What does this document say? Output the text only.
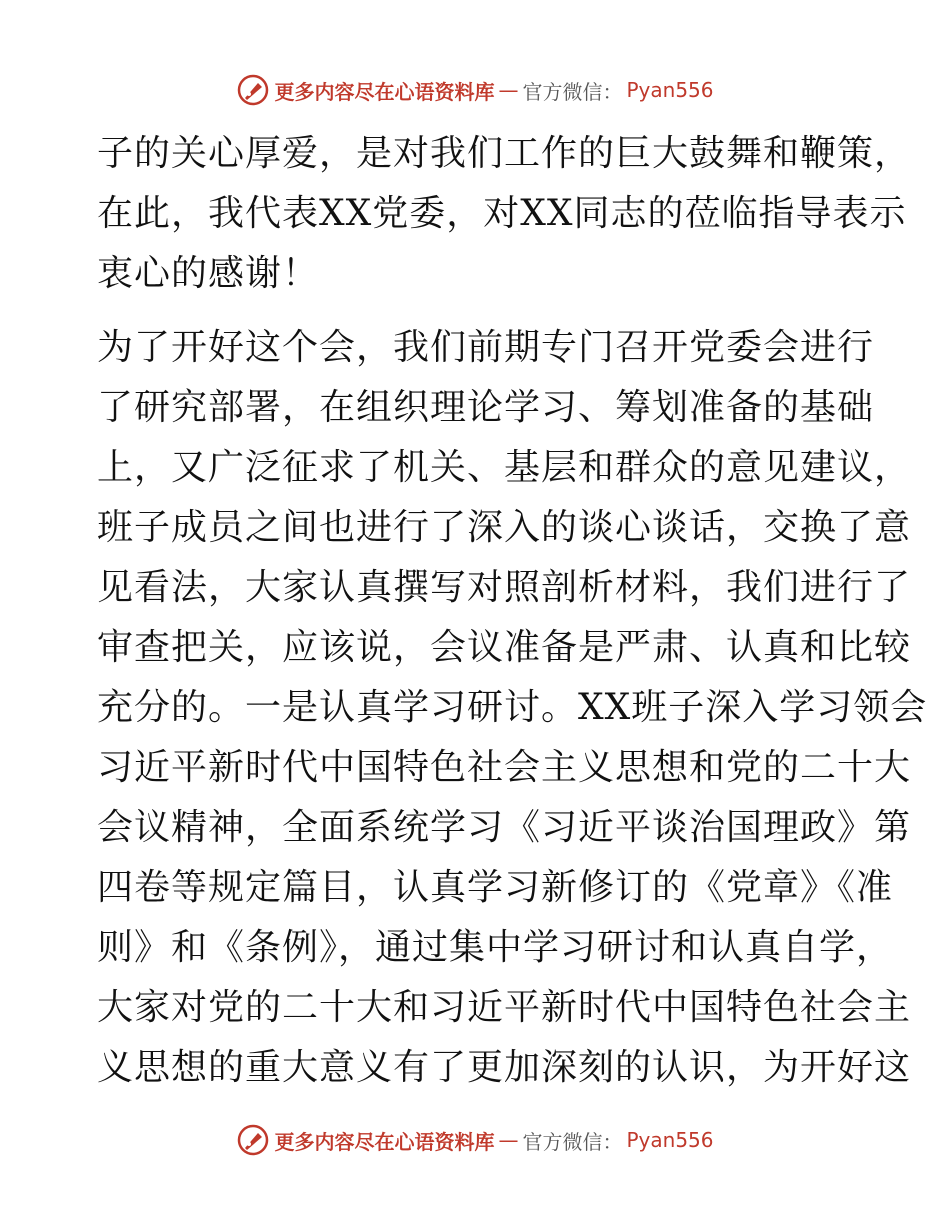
更多内容尽在心语资料库 — 官方微信： Pyan556
子的关心厚爱，是对我们工作的巨大鼓舞和鞭策，
在此，我代表XX党委，对XX同志的莅临指导表示
衷心的感谢！
为了开好这个会，我们前期专门召开党委会进行
了研究部署，在组织理论学习、筹划准备的基础
上，又广泛征求了机关、基层和群众的意见建议，
班子成员之间也进行了深入的谈心谈话，交换了意
见看法，大家认真撰写对照剖析材料，我们进行了
审查把关，应该说，会议准备是严肃、认真和比较
充分的。一是认真学习研讨。XX班子深入学习领会
习近平新时代中国特色社会主义思想和党的二十大
会议精神，全面系统学习《习近平谈治国理政》第
四卷等规定篇目，认真学习新修订的《党章》《准
则》和《条例》，通过集中学习研讨和认真自学，
大家对党的二十大和习近平新时代中国特色社会主
义思想的重大意义有了更加深刻的认识，为开好这
更多内容尽在心语资料库 — 官方微信： Pyan556
